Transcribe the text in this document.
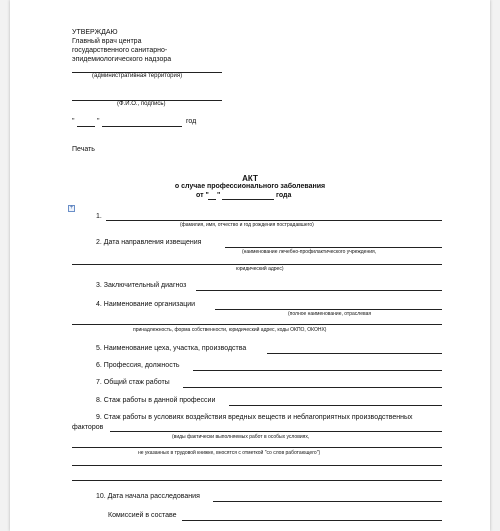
УТВЕРЖДАЮ
Главный врач центра
государственного санитарно-
эпидемиологического надзора
(административная территория)
(Ф.И.О., подпись)
"	"	год
Печать
АКТ
о случае профессионального заболевания
от " "	года
+
1.
(фамилия, имя, отчество и год рождения пострадавшего)
2. Дата направления извещения
(наименование лечебно-профилактического учреждения,
юридический адрес)
3. Заключительный диагноз
4. Наименование организации
(полное наименование, отраслевая
принадлежность, форма собственности, юридический адрес, коды ОКПО, ОКОНХ)
5. Наименование цеха, участка, производства
6. Профессия, должность
7. Общий стаж работы
8. Стаж работы в данной профессии
9. Стаж работы в условиях воздействия вредных веществ и неблагоприятных производственных
факторов
(виды фактически выполняемых работ в особых условиях,
не указанных в трудовой книжке, вносятся с отметкой "со слов работающего")
10. Дата начала расследования
Комиссией в составе
